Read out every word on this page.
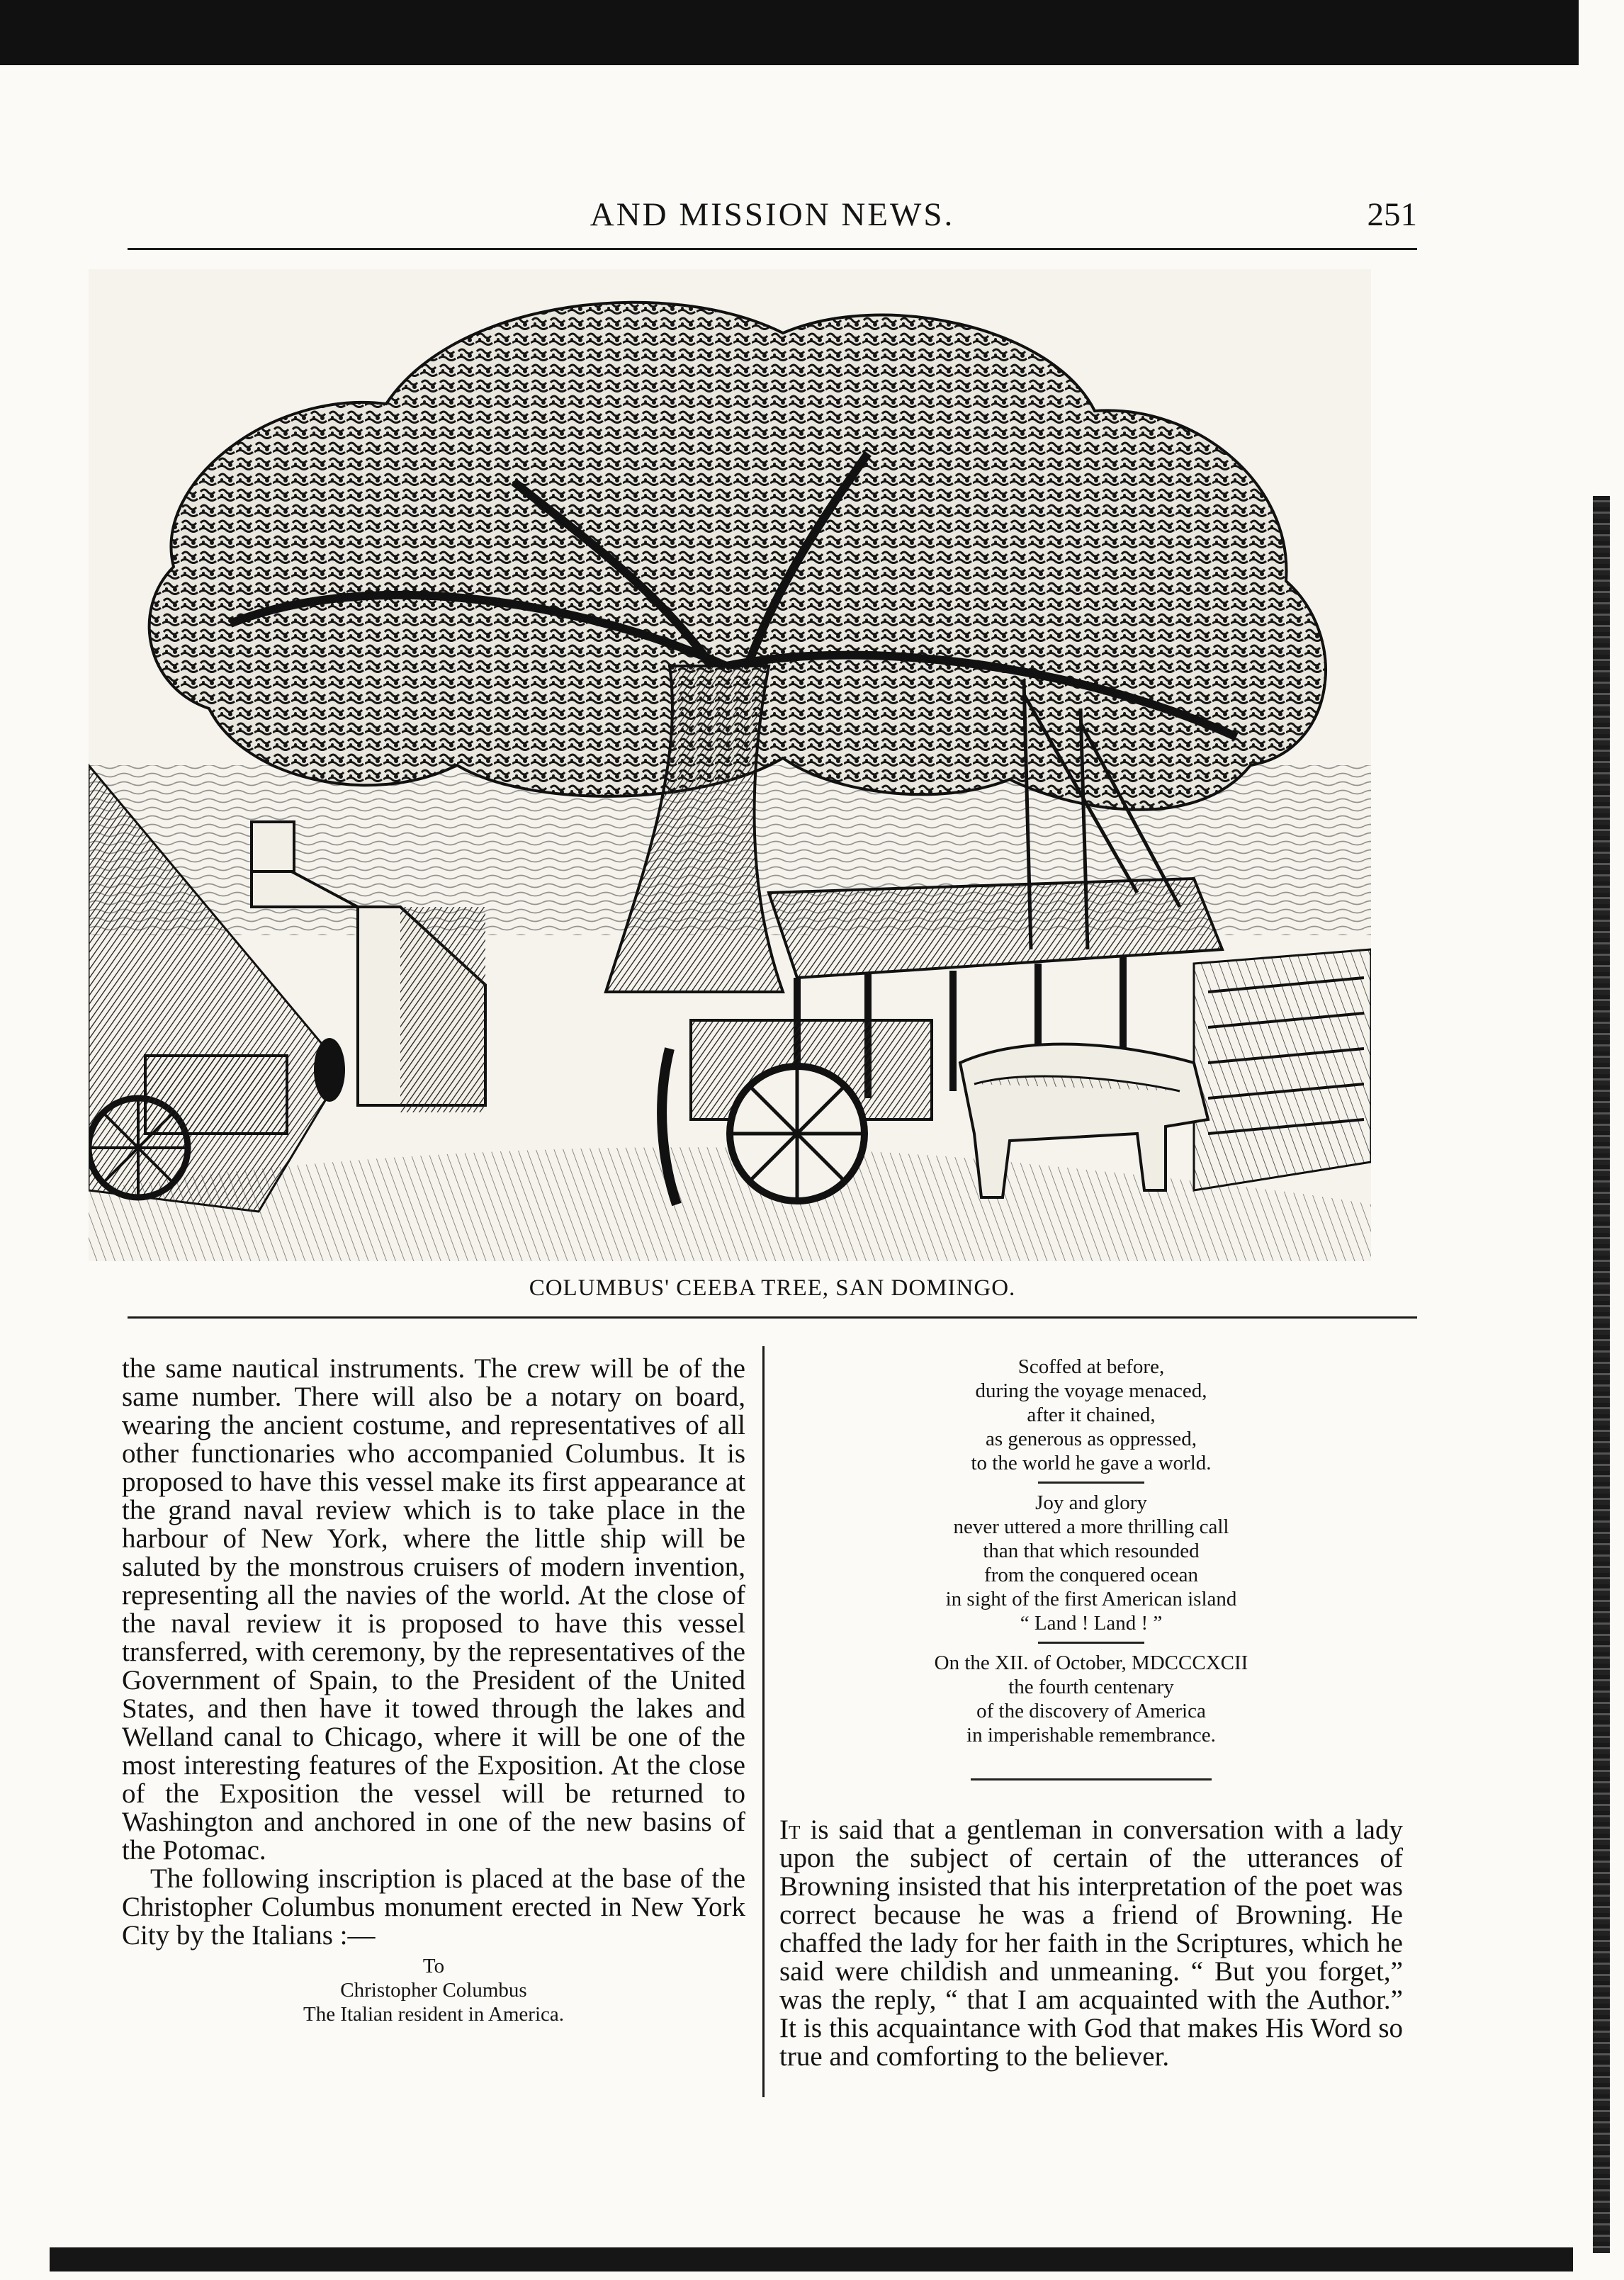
AND MISSION NEWS.	251
COLUMBUS' CEEBA TREE, SAN DOMINGO.

the same nautical instruments. The crew will be of the same number. There will also be a notary on board, wearing the ancient costume, and representatives of all other functionaries who accompanied Columbus. It is proposed to have this vessel make its first appearance at the grand naval review which is to take place in the harbour of New York, where the little ship will be saluted by the monstrous cruisers of modern invention, representing all the navies of the world. At the close of the naval review it is proposed to have this vessel transferred, with ceremony, by the representatives of the Government of Spain, to the President of the United States, and then have it towed through the lakes and Welland canal to Chicago, where it will be one of the most interesting features of the Exposition. At the close of the Exposition the vessel will be returned to Washington and anchored in one of the new basins of the Potomac.

The following inscription is placed at the base of the Christopher Columbus monument erected in New York City by the Italians :—

To
Christopher Columbus
The Italian resident in America.
Scoffed at before,
during the voyage menaced,
after it chained,
as generous as oppressed,
to the world he gave a world.
Joy and glory
never uttered a more thrilling call
than that which resounded
from the conquered ocean
in sight of the first American island
“ Land ! Land ! ”
On the XII. of October, MDCCCXCII
the fourth centenary
of the discovery of America
in imperishable remembrance.

It is said that a gentleman in conversation with a lady upon the subject of certain of the utterances of Browning insisted that his interpretation of the poet was correct because he was a friend of Browning. He chaffed the lady for her faith in the Scriptures, which he said were childish and unmeaning. “ But you forget,” was the reply, “ that I am acquainted with the Author.” It is this acquaintance with God that makes His Word so true and comforting to the believer.
